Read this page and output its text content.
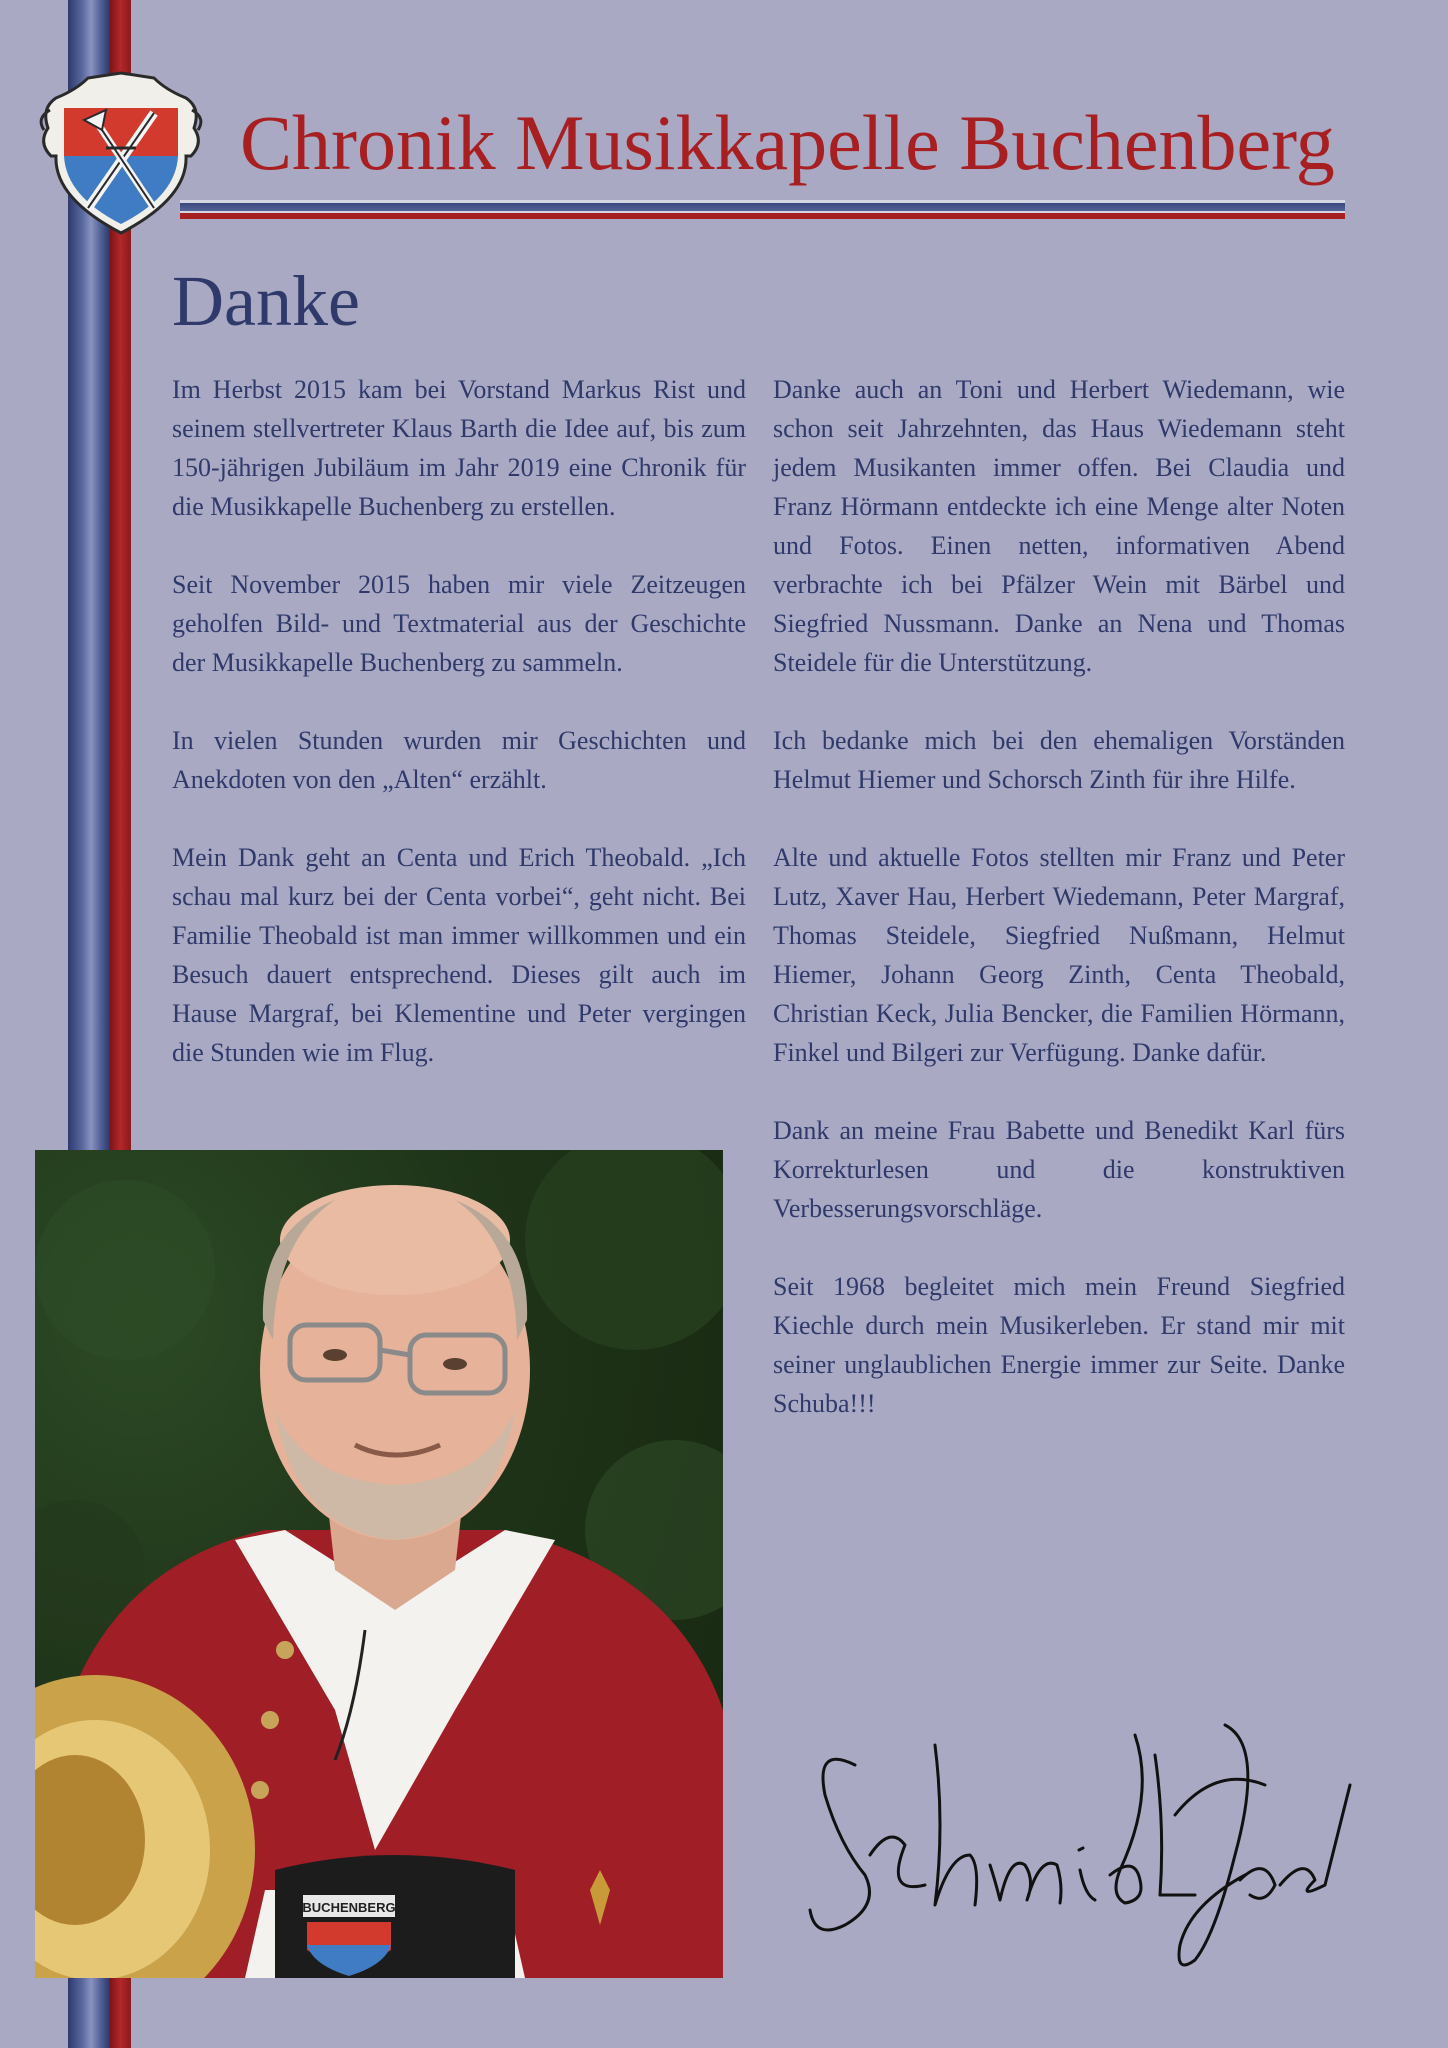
Chronik Musikkapelle Buchenberg
Danke

Im Herbst 2015 kam bei Vorstand Markus Rist und seinem stellvertreter Klaus Barth die Idee auf, bis zum 150-jährigen Jubiläum im Jahr 2019 eine Chronik für die Musikkapelle Buchenberg zu erstellen.

Seit November 2015 haben mir viele Zeitzeugen geholfen Bild- und Textmaterial aus der Geschichte der Musikkapelle Buchenberg zu sammeln.

In vielen Stunden wurden mir Geschichten und Anekdoten von den „Alten“ erzählt.

Mein Dank geht an Centa und Erich Theobald. „Ich schau mal kurz bei der Centa vorbei“, geht nicht. Bei Familie Theobald ist man immer willkommen und ein Besuch dauert entsprechend. Dieses gilt auch im Hause Margraf, bei Klementine und Peter vergingen die Stunden wie im Flug.

Danke auch an Toni und Herbert Wiedemann, wie schon seit Jahrzehnten, das Haus Wiedemann steht jedem Musikanten immer offen. Bei Claudia und Franz Hörmann entdeckte ich eine Menge alter Noten und Fotos. Einen netten, informativen Abend verbrachte ich bei Pfälzer Wein mit Bärbel und Siegfried Nussmann. Danke an Nena und Thomas Steidele für die Unterstützung.

Ich bedanke mich bei den ehemaligen Vorständen Helmut Hiemer und Schorsch Zinth für ihre Hilfe.

Alte und aktuelle Fotos stellten mir Franz und Peter Lutz, Xaver Hau, Herbert Wiedemann, Peter Margraf, Thomas Steidele, Siegfried Nußmann, Helmut Hiemer, Johann Georg Zinth, Centa Theobald, Christian Keck, Julia Bencker, die Familien Hörmann, Finkel und Bilgeri zur Verfügung. Danke dafür.

Dank an meine Frau Babette und Benedikt Karl fürs Korrekturlesen und die konstruktiven Verbesserungsvorschläge.

Seit 1968 begleitet mich mein Freund Siegfried Kiechle durch mein Musikerleben. Er stand mir mit seiner unglaublichen Energie immer zur Seite. Danke Schuba!!!

BUCHENBERG
Schmidt Franz
